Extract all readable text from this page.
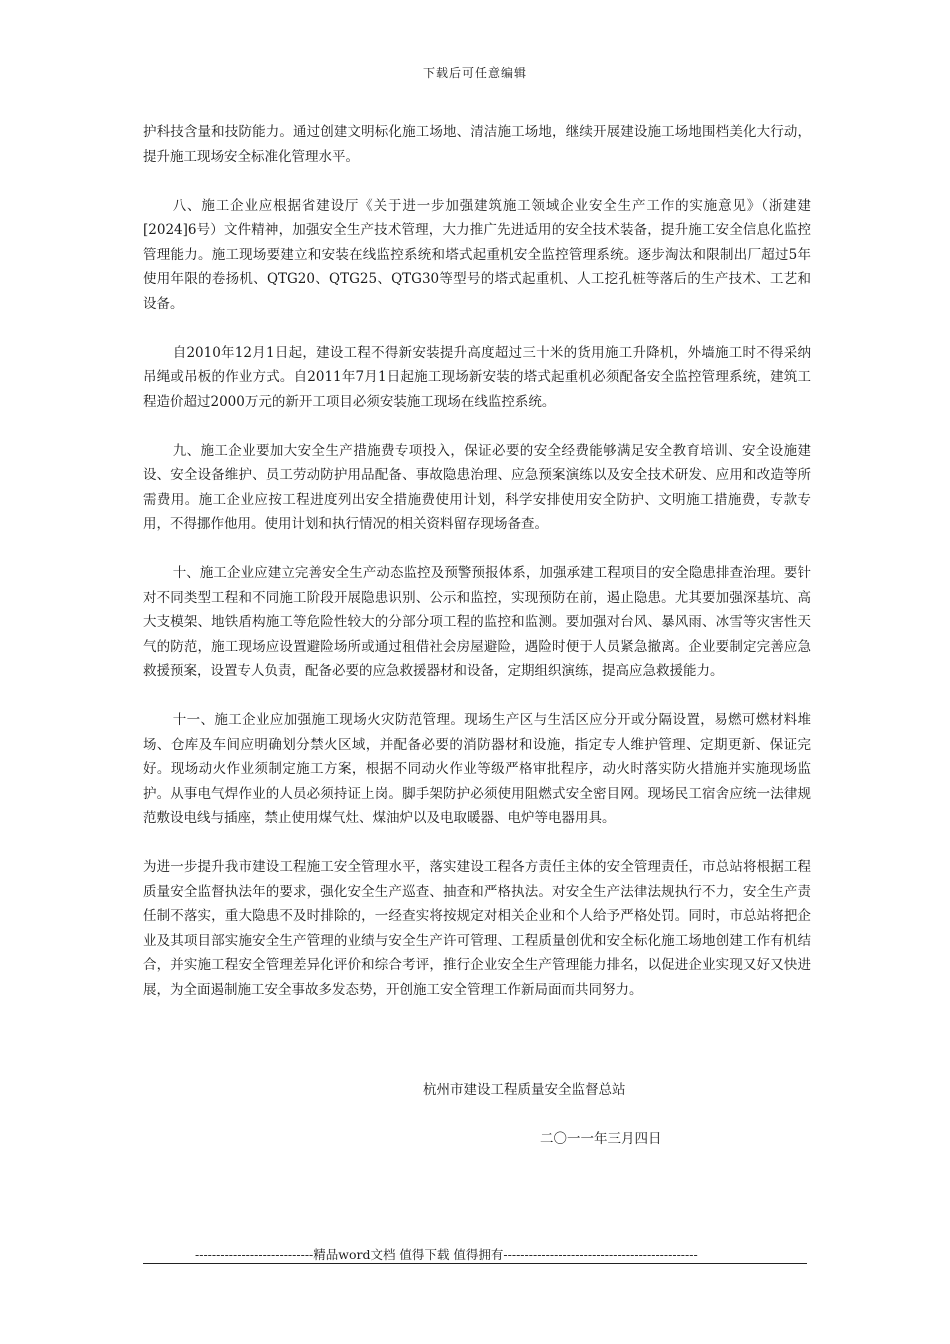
下载后可任意编辑

护科技含量和技防能力。通过创建文明标化施工场地、清洁施工场地，继续开展建设施工场地围档美化大行动，提升施工现场安全标准化管理水平。

八、施工企业应根据省建设厅《关于进一步加强建筑施工领域企业安全生产工作的实施意见》（浙建建[2024]6号）文件精神，加强安全生产技术管理，大力推广先进适用的安全技术装备，提升施工安全信息化监控管理能力。施工现场要建立和安装在线监控系统和塔式起重机安全监控管理系统。逐步淘汰和限制出厂超过5年使用年限的卷扬机、QTG20、QTG25、QTG30等型号的塔式起重机、人工挖孔桩等落后的生产技术、工艺和设备。

自2010年12月1日起，建设工程不得新安装提升高度超过三十米的货用施工升降机，外墙施工时不得采纳吊绳或吊板的作业方式。自2011年7月1日起施工现场新安装的塔式起重机必须配备安全监控管理系统，建筑工程造价超过2000万元的新开工项目必须安装施工现场在线监控系统。

九、施工企业要加大安全生产措施费专项投入，保证必要的安全经费能够满足安全教育培训、安全设施建设、安全设备维护、员工劳动防护用品配备、事故隐患治理、应急预案演练以及安全技术研发、应用和改造等所需费用。施工企业应按工程进度列出安全措施费使用计划，科学安排使用安全防护、文明施工措施费，专款专用，不得挪作他用。使用计划和执行情况的相关资料留存现场备查。

十、施工企业应建立完善安全生产动态监控及预警预报体系，加强承建工程项目的安全隐患排查治理。要针对不同类型工程和不同施工阶段开展隐患识别、公示和监控，实现预防在前，遏止隐患。尤其要加强深基坑、高大支模架、地铁盾构施工等危险性较大的分部分项工程的监控和监测。要加强对台风、暴风雨、冰雪等灾害性天气的防范，施工现场应设置避险场所或通过租借社会房屋避险，遇险时便于人员紧急撤离。企业要制定完善应急救援预案，设置专人负责，配备必要的应急救援器材和设备，定期组织演练，提高应急救援能力。

十一、施工企业应加强施工现场火灾防范管理。现场生产区与生活区应分开或分隔设置，易燃可燃材料堆场、仓库及车间应明确划分禁火区域，并配备必要的消防器材和设施，指定专人维护管理、定期更新、保证完好。现场动火作业须制定施工方案，根据不同动火作业等级严格审批程序，动火时落实防火措施并实施现场监护。从事电气焊作业的人员必须持证上岗。脚手架防护必须使用阻燃式安全密目网。现场民工宿舍应统一法律规范敷设电线与插座，禁止使用煤气灶、煤油炉以及电取暖器、电炉等电器用具。

为进一步提升我市建设工程施工安全管理水平，落实建设工程各方责任主体的安全管理责任，市总站将根据工程质量安全监督执法年的要求，强化安全生产巡查、抽查和严格执法。对安全生产法律法规执行不力，安全生产责任制不落实，重大隐患不及时排除的，一经查实将按规定对相关企业和个人给予严格处罚。同时，市总站将把企业及其项目部实施安全生产管理的业绩与安全生产许可管理、工程质量创优和安全标化施工场地创建工作有机结合，并实施工程安全管理差异化评价和综合考评，推行企业安全生产管理能力排名，以促进企业实现又好又快进展，为全面遏制施工安全事故多发态势，开创施工安全管理工作新局面而共同努力。

杭州市建设工程质量安全监督总站
二〇一一年三月四日
----------------------------精品word文档 值得下载 值得拥有----------------------------------------------
